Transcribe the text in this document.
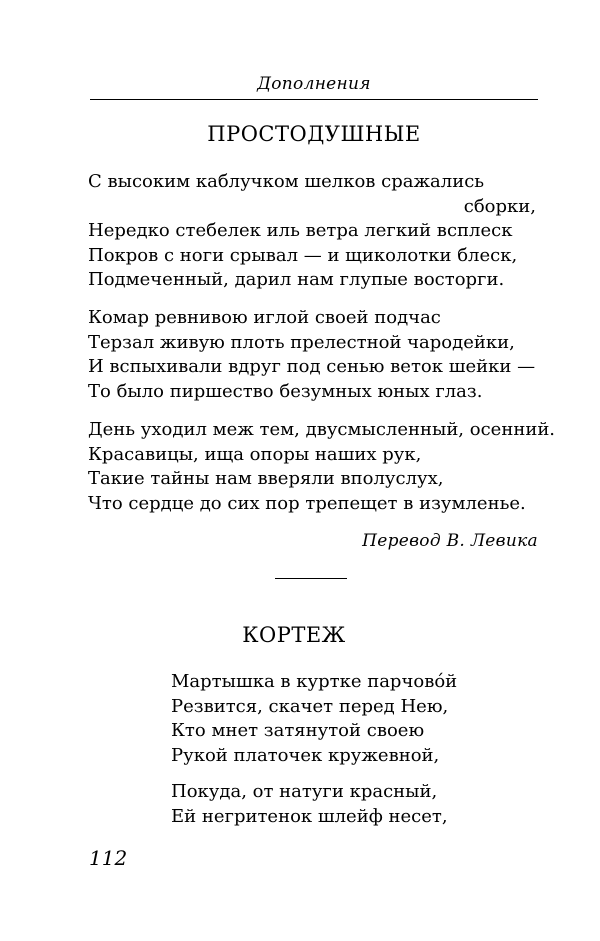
Дополнения
ПРОСТОДУШНЫЕ
С высоким каблучком шелков сражались
сборки,
Нередко стебелек иль ветра легкий всплеск
Покров с ноги срывал — и щиколотки блеск,
Подмеченный, дарил нам глупые восторги.
Комар ревнивою иглой своей подчас
Терзал живую плоть прелестной чародейки,
И вспыхивали вдруг под сенью веток шейки —
То было пиршество безумных юных глаз.
День уходил меж тем, двусмысленный, осенний.
Красавицы, ища опоры наших рук,
Такие тайны нам вверяли вполуслух,
Что сердце до сих пор трепещет в изумленье.
Перевод В. Левика
КОРТЕЖ
Мартышка в куртке парчово́й
Резвится, скачет перед Нею,
Кто мнет затянутой своею
Рукой платочек кружевной,
Покуда, от натуги красный,
Ей негритенок шлейф несет,
112
